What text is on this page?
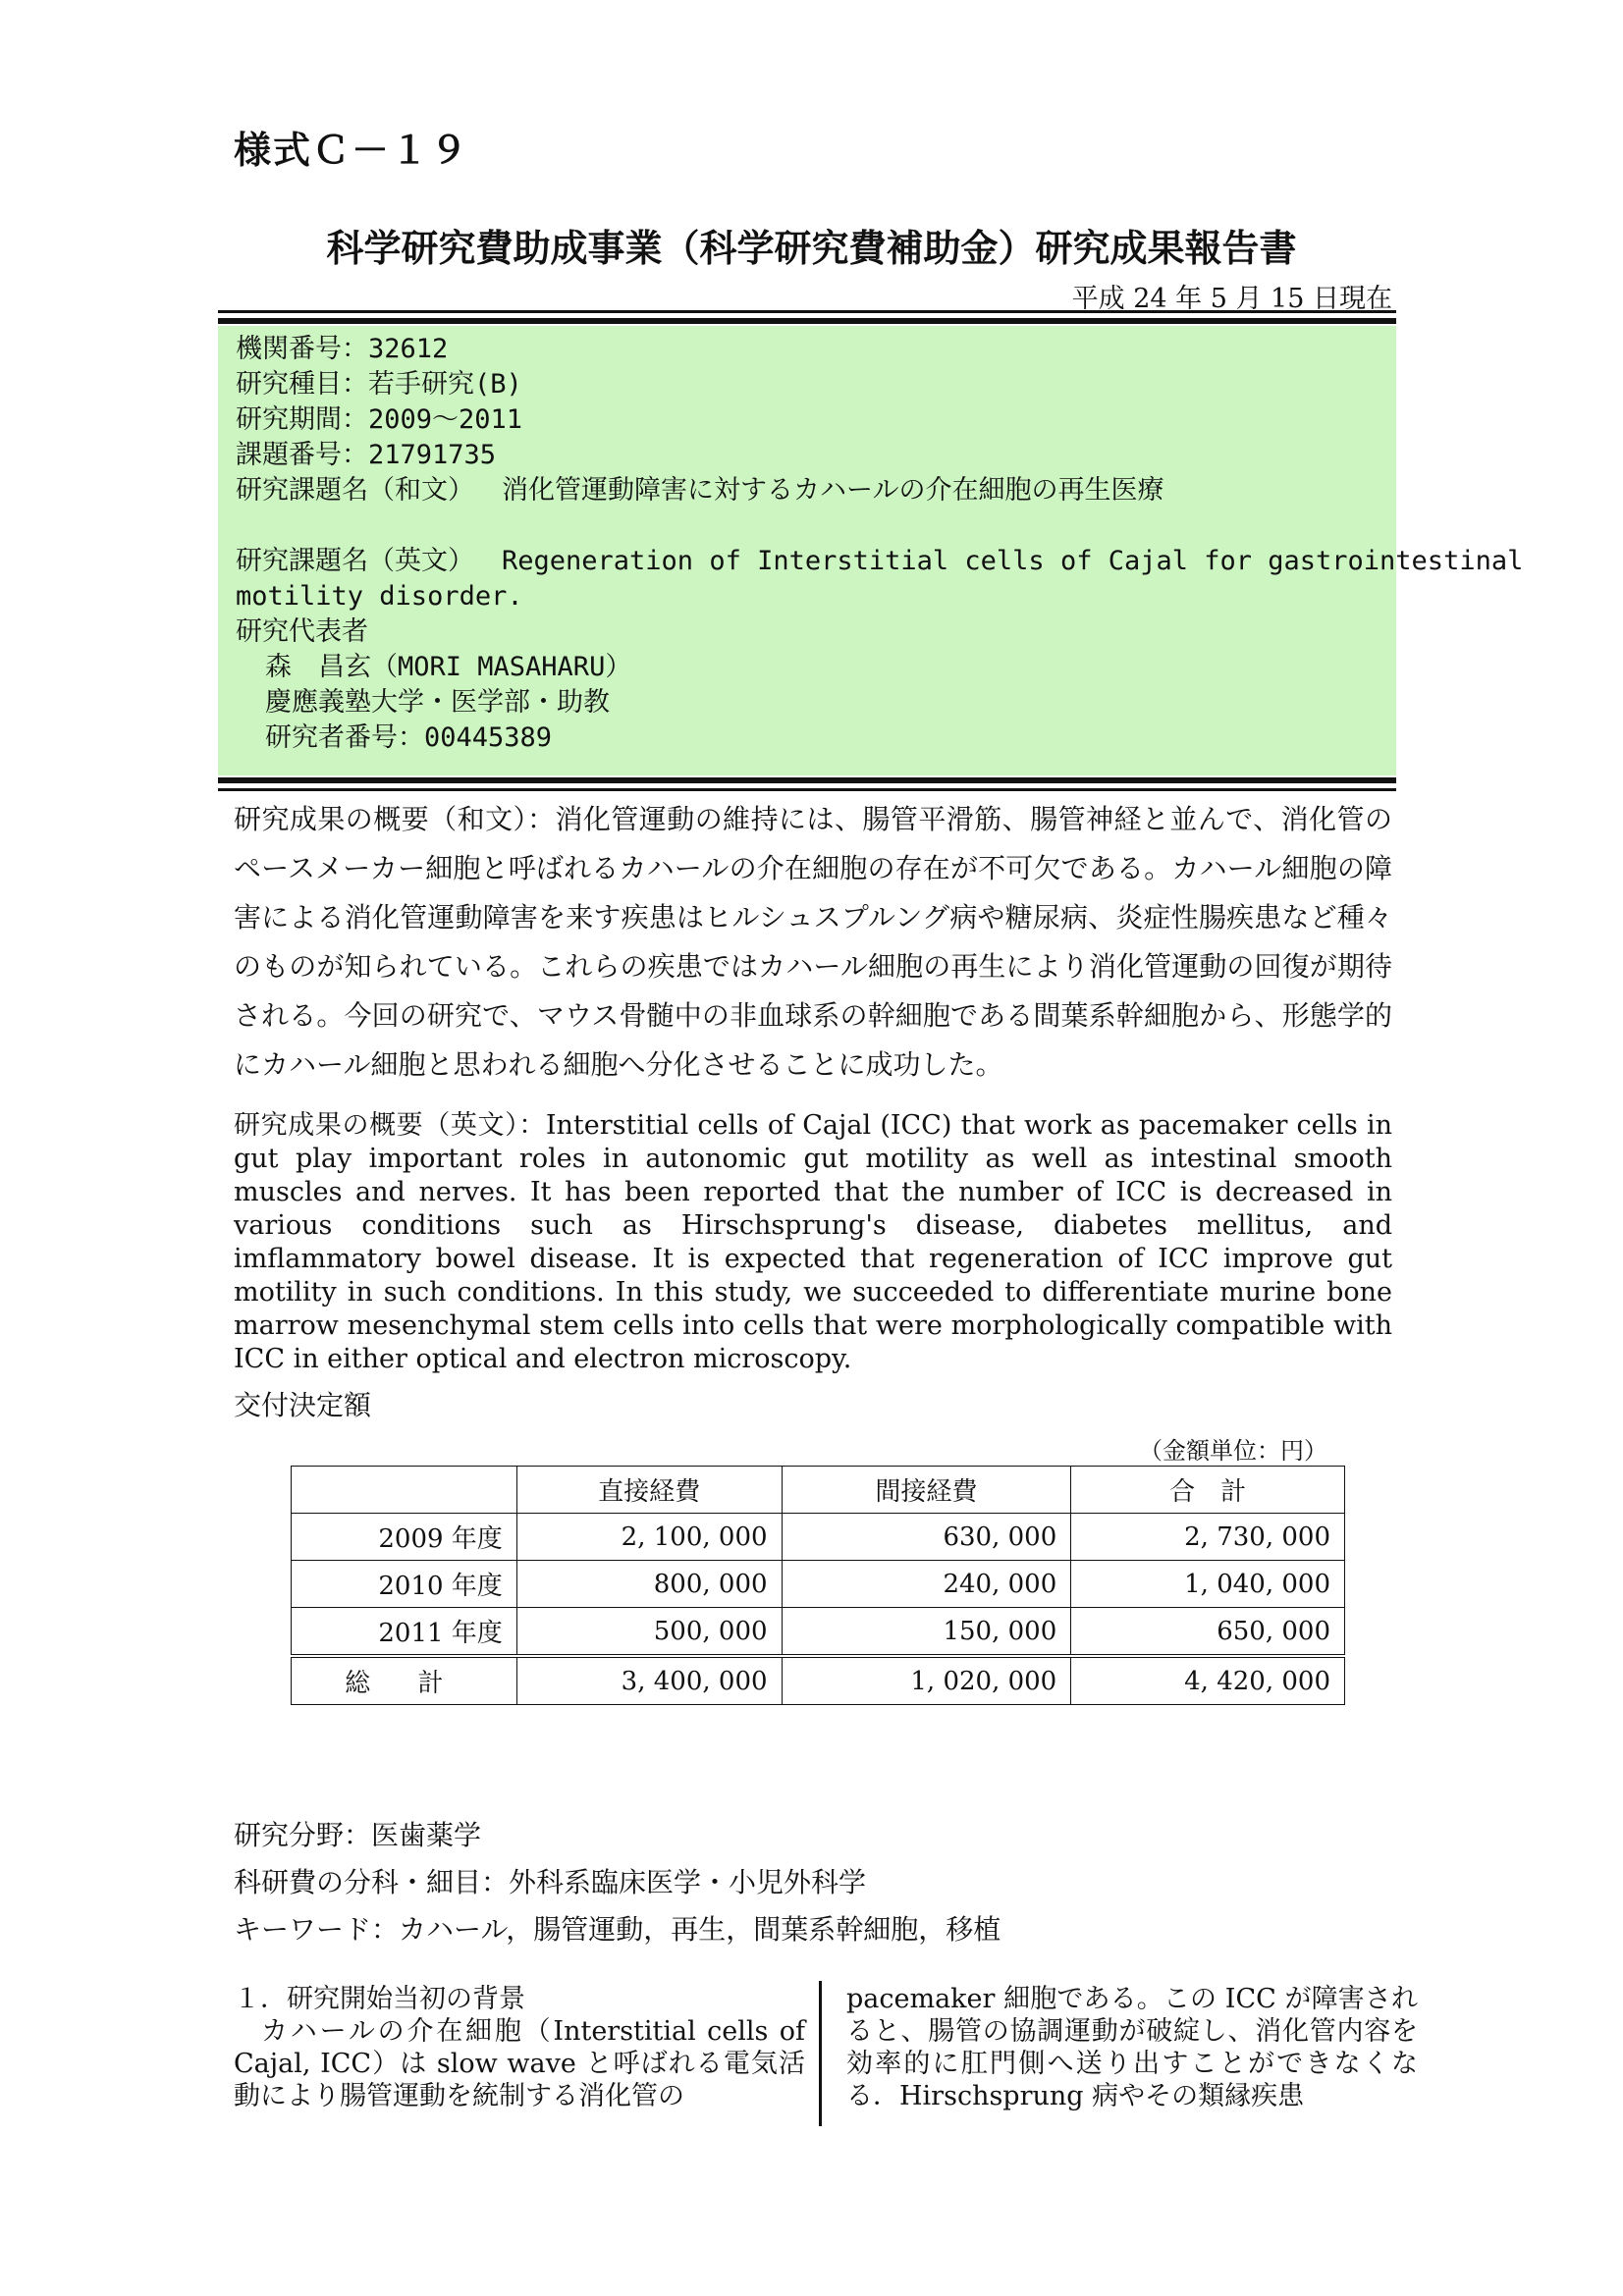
様式Ｃ－１９
科学研究費助成事業（科学研究費補助金）研究成果報告書
平成 24 年 5 月 15 日現在
機関番号：32612
研究種目：若手研究(B)
研究期間：2009～2011
課題番号：21791735
研究課題名（和文） 消化管運動障害に対するカハールの介在細胞の再生医療
研究課題名（英文） Regeneration of Interstitial cells of Cajal for gastrointestinal
motility disorder.
研究代表者
森　昌玄（MORI MASAHARU）
慶應義塾大学・医学部・助教
研究者番号：00445389
研究成果の概要（和文）：消化管運動の維持には、腸管平滑筋、腸管神経と並んで、消化管のペースメーカー細胞と呼ばれるカハールの介在細胞の存在が不可欠である。カハール細胞の障害による消化管運動障害を来す疾患はヒルシュスプルング病や糖尿病、炎症性腸疾患など種々のものが知られている。これらの疾患ではカハール細胞の再生により消化管運動の回復が期待される。今回の研究で、マウス骨髄中の非血球系の幹細胞である間葉系幹細胞から、形態学的にカハール細胞と思われる細胞へ分化させることに成功した。
研究成果の概要（英文）：Interstitial cells of Cajal (ICC) that work as pacemaker cells in gut play important roles in autonomic gut motility as well as intestinal smooth muscles and nerves. It has been reported that the number of ICC is decreased in various conditions such as Hirschsprung's disease, diabetes mellitus, and imflammatory bowel disease. It is expected that regeneration of ICC improve gut motility in such conditions. In this study, we succeeded to differentiate murine bone marrow mesenchymal stem cells into cells that were morphologically compatible with ICC in either optical and electron microscopy.
交付決定額
（金額単位：円）
	直接経費	間接経費	合　計
2009 年度	2, 100, 000	630, 000	2, 730, 000
2010 年度	800, 000	240, 000	1, 040, 000
2011 年度	500, 000	150, 000	650, 000
総 計	3, 400, 000	1, 020, 000	4, 420, 000
研究分野：医歯薬学
科研費の分科・細目：外科系臨床医学・小児外科学
キーワード：カハール，腸管運動，再生，間葉系幹細胞，移植
１．研究開始当初の背景
カハールの介在細胞（Interstitial cells of Cajal, ICC）は slow wave と呼ばれる電気活動により腸管運動を統制する消化管の
pacemaker 細胞である。この ICC が障害されると、腸管の協調運動が破綻し、消化管内容を効率的に肛門側へ送り出すことができなくなる．Hirschsprung 病やその類縁疾患
